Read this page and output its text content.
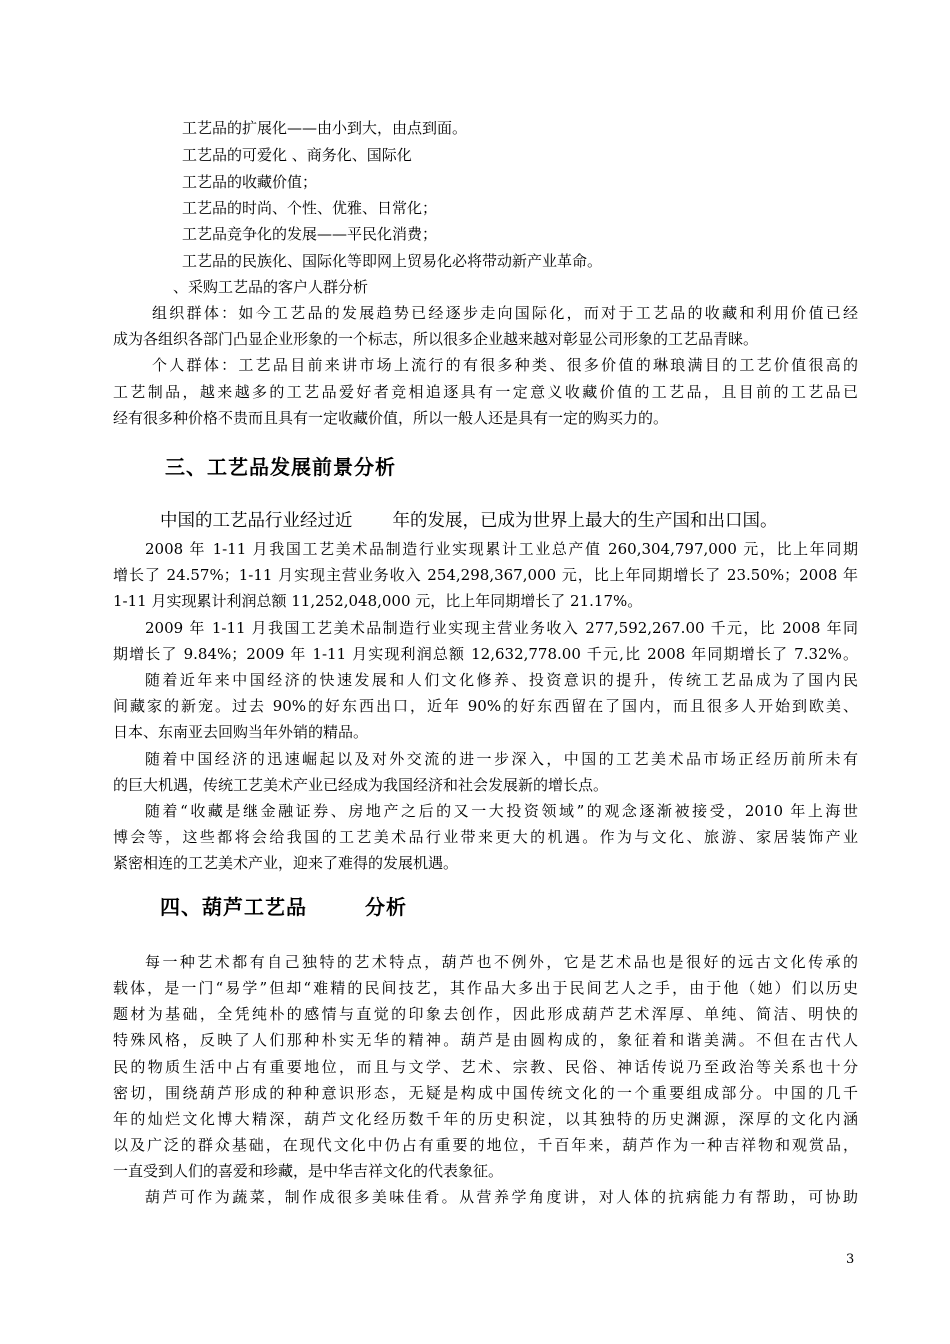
工艺品的扩展化——由小到大，由点到面。

工艺品的可爱化 、商务化、国际化

工艺品的收藏价值；

工艺品的时尚、个性、优雅、日常化；

工艺品竞争化的发展——平民化消费；

工艺品的民族化、国际化等即网上贸易化必将带动新产业革命。

、采购工艺品的客户人群分析

组织群体：如今工艺品的发展趋势已经逐步走向国际化，而对于工艺品的收藏和利用价值已经

成为各组织各部门凸显企业形象的一个标志，所以很多企业越来越对彰显公司形象的工艺品青睐。

个人群体：工艺品目前来讲市场上流行的有很多种类、很多价值的琳琅满目的工艺价值很高的

工艺制品，越来越多的工艺品爱好者竞相追逐具有一定意义收藏价值的工艺品，且目前的工艺品已

经有很多种价格不贵而且具有一定收藏价值，所以一般人还是具有一定的购买力的。

三、工艺品发展前景分析
中国的工艺品行业经过近 年的发展，已成为世界上最大的生产国和出口国。

2008 年 1-11 月我国工艺美术品制造行业实现累计工业总产值 260,304,797,000 元，比上年同期

增长了 24.57%；1-11 月实现主营业务收入 254,298,367,000 元，比上年同期增长了 23.50%；2008 年

1-11 月实现累计利润总额 11,252,048,000 元，比上年同期增长了 21.17%。

2009 年 1-11 月我国工艺美术品制造行业实现主营业务收入 277,592,267.00 千元，比 2008 年同

期增长了 9.84%；2009 年 1-11 月实现利润总额 12,632,778.00 千元,比 2008 年同期增长了 7.32%。

随着近年来中国经济的快速发展和人们文化修养、投资意识的提升，传统工艺品成为了国内民

间藏家的新宠。过去 90%的好东西出口，近年 90%的好东西留在了国内，而且很多人开始到欧美、

日本、东南亚去回购当年外销的精品。

随着中国经济的迅速崛起以及对外交流的进一步深入，中国的工艺美术品市场正经历前所未有

的巨大机遇，传统工艺美术产业已经成为我国经济和社会发展新的增长点。

随着“收藏是继金融证券、房地产之后的又一大投资领域”的观念逐渐被接受，2010 年上海世

博会等，这些都将会给我国的工艺美术品行业带来更大的机遇。作为与文化、旅游、家居装饰产业

紧密相连的工艺美术产业，迎来了难得的发展机遇。

四、葫芦工艺品	分析

每一种艺术都有自己独特的艺术特点，葫芦也不例外，它是艺术品也是很好的远古文化传承的

载体，是一门“易学”但却“难精的民间技艺，其作品大多出于民间艺人之手，由于他（她）们以历史

题材为基础，全凭纯朴的感情与直觉的印象去创作，因此形成葫芦艺术浑厚、单纯、简洁、明快的

特殊风格，反映了人们那种朴实无华的精神。葫芦是由圆构成的，象征着和谐美满。不但在古代人

民的物质生活中占有重要地位，而且与文学、艺术、宗教、民俗、神话传说乃至政治等关系也十分

密切，围绕葫芦形成的种种意识形态，无疑是构成中国传统文化的一个重要组成部分。中国的几千

年的灿烂文化博大精深，葫芦文化经历数千年的历史积淀，以其独特的历史渊源，深厚的文化内涵

以及广泛的群众基础，在现代文化中仍占有重要的地位，千百年来，葫芦作为一种吉祥物和观赏品，

一直受到人们的喜爱和珍藏，是中华吉祥文化的代表象征。

葫芦可作为蔬菜，制作成很多美味佳肴。从营养学角度讲，对人体的抗病能力有帮助，可协助

3
